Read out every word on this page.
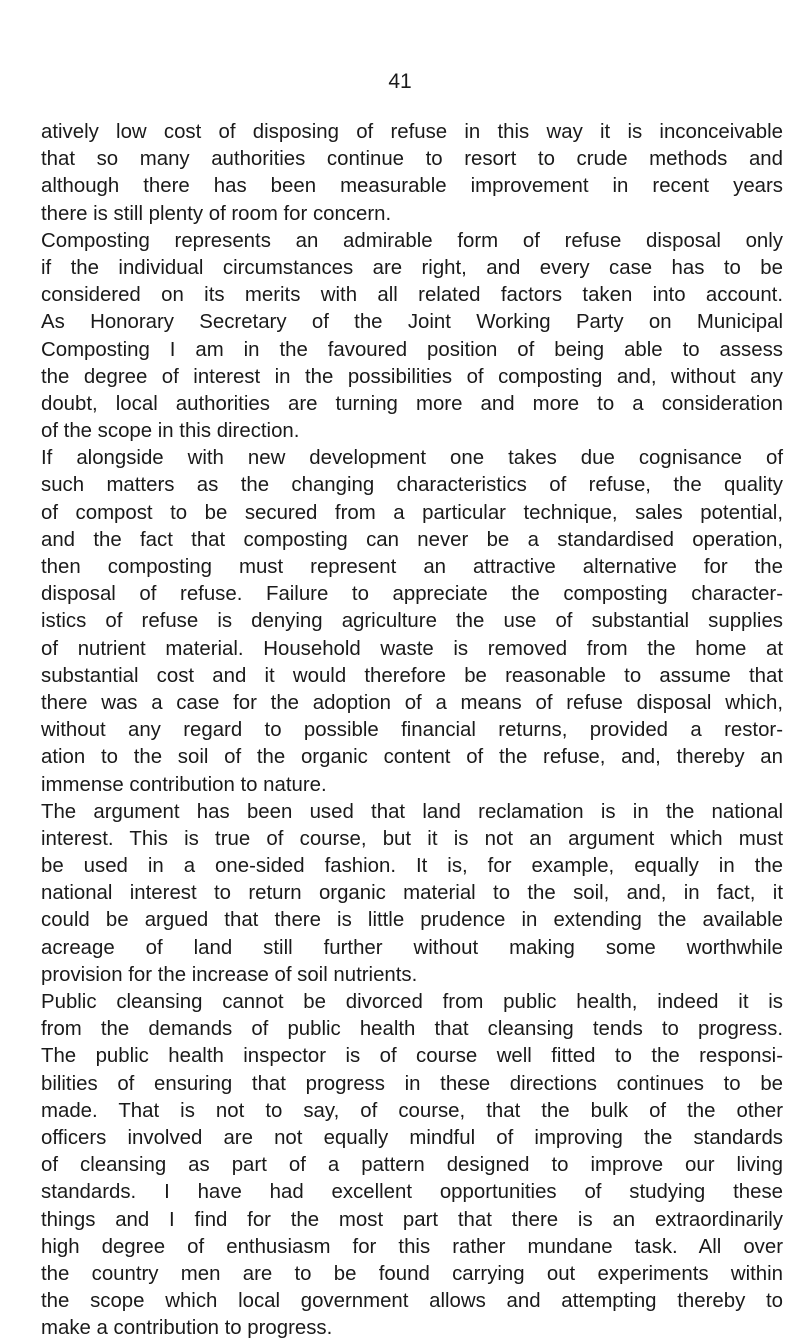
41
atively low cost of disposing of refuse in this way it is inconceivable
that so many authorities continue to resort to crude methods and
although there has been measurable improvement in recent years
there is still plenty of room for concern.
Composting represents an admirable form of refuse disposal only
if the individual circumstances are right, and every case has to be
considered on its merits with all related factors taken into account.
As Honorary Secretary of the Joint Working Party on Municipal
Composting I am in the favoured position of being able to assess
the degree of interest in the possibilities of composting and, without any
doubt, local authorities are turning more and more to a consideration
of the scope in this direction.
If alongside with new development one takes due cognisance of
such matters as the changing characteristics of refuse, the quality
of compost to be secured from a particular technique, sales potential,
and the fact that composting can never be a standardised operation,
then composting must represent an attractive alternative for the
disposal of refuse. Failure to appreciate the composting character-
istics of refuse is denying agriculture the use of substantial supplies
of nutrient material. Household waste is removed from the home at
substantial cost and it would therefore be reasonable to assume that
there was a case for the adoption of a means of refuse disposal which,
without any regard to possible financial returns, provided a restor-
ation to the soil of the organic content of the refuse, and, thereby an
immense contribution to nature.
The argument has been used that land reclamation is in the national
interest. This is true of course, but it is not an argument which must
be used in a one-sided fashion. It is, for example, equally in the
national interest to return organic material to the soil, and, in fact, it
could be argued that there is little prudence in extending the available
acreage of land still further without making some worthwhile
provision for the increase of soil nutrients.
Public cleansing cannot be divorced from public health, indeed it is
from the demands of public health that cleansing tends to progress.
The public health inspector is of course well fitted to the responsi-
bilities of ensuring that progress in these directions continues to be
made. That is not to say, of course, that the bulk of the other
officers involved are not equally mindful of improving the standards
of cleansing as part of a pattern designed to improve our living
standards. I have had excellent opportunities of studying these
things and I find for the most part that there is an extraordinarily
high degree of enthusiasm for this rather mundane task. All over
the country men are to be found carrying out experiments within
the scope which local government allows and attempting thereby to
make a contribution to progress.
